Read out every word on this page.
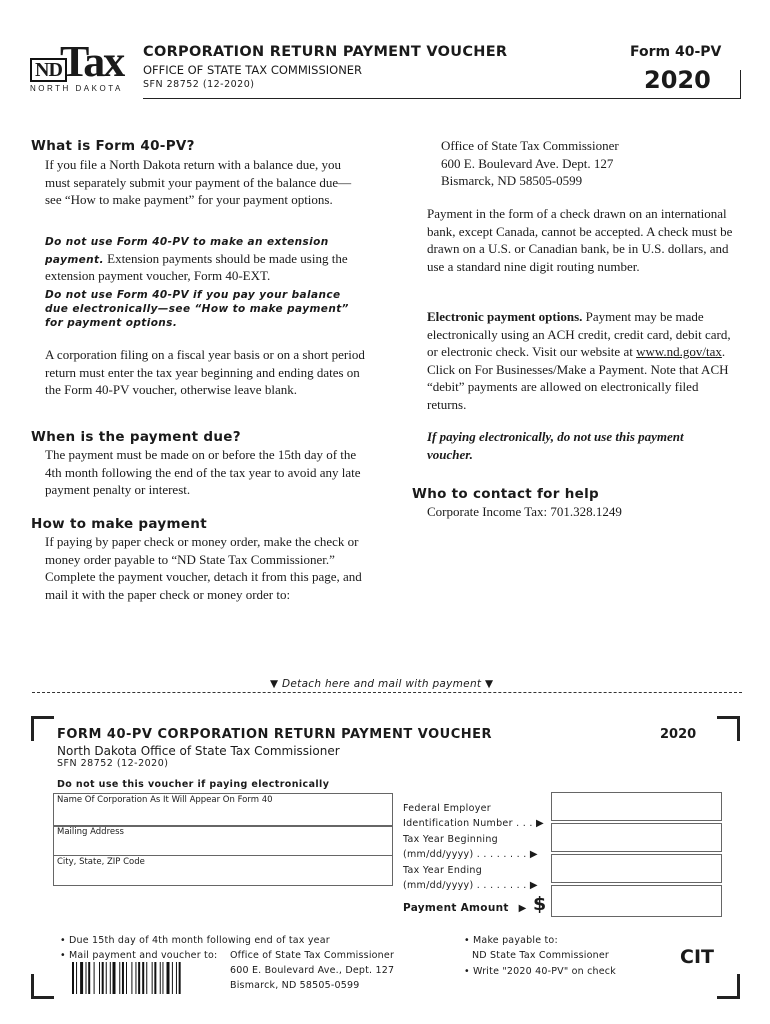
ND
Tax
NORTH DAKOTA
CORPORATION RETURN PAYMENT VOUCHER
OFFICE OF STATE TAX COMMISSIONER
SFN 28752 (12-2020)
Form 40-PV
2020
What is Form 40-PV?
If you file a North Dakota return with a balance due, you must separately submit your payment of the balance due—see “How to make payment” for your payment options.
Do not use Form 40-PV to make an extension payment. Extension payments should be made using the extension payment voucher, Form 40-EXT.
Do not use Form 40-PV if you pay your balance due electronically—see “How to make payment” for payment options.
A corporation filing on a fiscal year basis or on a short period return must enter the tax year beginning and ending dates on the Form 40-PV voucher, otherwise leave blank.
When is the payment due?
The payment must be made on or before the 15th day of the 4th month following the end of the tax year to avoid any late payment penalty or interest.
How to make payment
If paying by paper check or money order, make the check or money order payable to “ND State Tax Commissioner.” Complete the payment voucher, detach it from this page, and mail it with the paper check or money order to:
Office of State Tax Commissioner
600 E. Boulevard Ave. Dept. 127
Bismarck, ND 58505-0599
Payment in the form of a check drawn on an international bank, except Canada, cannot be accepted. A check must be drawn on a U.S. or Canadian bank, be in U.S. dollars, and use a standard nine digit routing number.
Electronic payment options. Payment may be made electronically using an ACH credit, credit card, debit card, or electronic check. Visit our website at www.nd.gov/tax. Click on For Businesses/Make a Payment. Note that ACH “debit” payments are allowed on electronically filed returns.
If paying electronically, do not use this payment voucher.
Who to contact for help
Corporate Income Tax: 701.328.1249
▼ Detach here and mail with payment ▼
FORM 40-PV CORPORATION RETURN PAYMENT VOUCHER	2020
North Dakota Office of State Tax Commissioner
SFN 28752 (12-2020)
Do not use this voucher if paying electronically
Name Of Corporation As It Will Appear On Form 40
Mailing Address
City, State, ZIP Code
Federal Employer
Identification Number . . . ▶
Tax Year Beginning
(mm/dd/yyyy) . . . . . . . . ▶
Tax Year Ending
(mm/dd/yyyy) . . . . . . . . ▶
Payment Amount ▶ $
• Due 15th day of 4th month following end of tax year
• Mail payment and voucher to: Office of State Tax Commissioner
600 E. Boulevard Ave., Dept. 127
Bismarck, ND 58505-0599
• Make payable to:
ND State Tax Commissioner
• Write "2020 40-PV" on check
CIT
